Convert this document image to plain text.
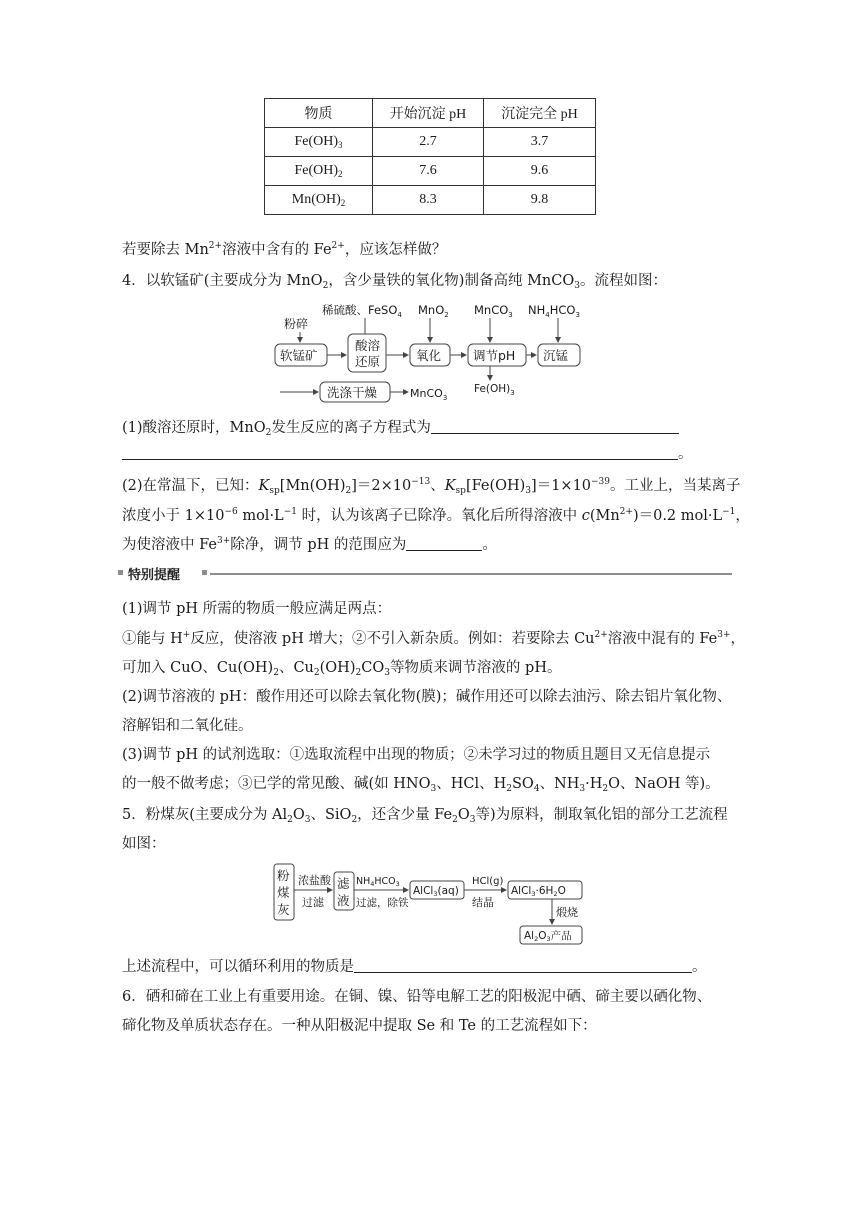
物质	开始沉淀 pH	沉淀完全 pH
$Fe(OH)_3$	2.7	3.7
$Fe(OH)_2$	7.6	9.6
$Mn(OH)_2$	8.3	9.8
若要除去 $Mn^{2+}$溶液中含有的 $Fe^{2+}$，应该怎样做？
4．以软锰矿(主要成分为 MnO$_2$，含少量铁的氧化物)制备高纯 MnCO$_3$。流程如图：
稀硫酸、FeSO$_4$ MnO$_2$ MnCO$_3$ $NH_4HCO_3$
粉碎
软锰矿
酸溶
还原	氧化	调节pH 沉锰
$Fe(OH)_3$
洗涤干燥	MnCO$_3$
(1)酸溶还原时，MnO$_2$发生反应的离子方程式为
。
(2)在常温下，已知：$K_{sp}[Mn(OH)_2]=2\times 10^{-13}$、$K_{sp}[Fe(OH)_3]=1\times 10^{-39}$。工业上，当某离子
浓度小于 $1\times 10^{-6}$ $mol\cdot L^{-1}$ 时，认为该离子已除净。氧化后所得溶液中 $c(Mn^{2+})=0.2$ $mol\cdot L^{-1}$，
为使溶液中 $Fe^{3+}$除净，调节 pH 的范围应为	。
特别提醒
(1)调节 pH 所需的物质一般应满足两点：
①能与 H+反应，使溶液 pH 增大；②不引入新杂质。例如：若要除去 $Cu^{2+}$溶液中混有的 $Fe^{3+}$，
可加入 CuO、$Cu(OH)_2$、$Cu_2(OH)_2CO_3$等物质来调节溶液的 pH。
(2)调节溶液的 pH：酸作用还可以除去氧化物(膜)；碱作用还可以除去油污、除去铝片氧化物、
溶解铝和二氧化硅。
(3)调节 pH 的试剂选取：①选取流程中出现的物质；②未学习过的物质且题目又无信息提示
的一般不做考虑；③已学的常见酸、碱(如 $HNO_3$、HCl、$H_2SO_4$、$NH_3\cdot H_2O$、NaOH 等)。
5．粉煤灰(主要成分为 $Al_2O_3$、SiO$_2$，还含少量 $Fe_2O_3$等)为原料，制取氧化铝的部分工艺流程
如图：
粉
煤
灰
浓盐酸
过滤
滤
液
$NH_4HCO_3$
过滤，除铁
AlCl3(aq)
HCl(g)
结晶
AlCl3·6H2O
煅烧
Al2O3产品
上述流程中，可以循环利用的物质是	。
6．硒和碲在工业上有重要用途。在铜、镍、铅等电解工艺的阳极泥中硒、碲主要以硒化物、
碲化物及单质状态存在。一种从阳极泥中提取 Se 和 Te 的工艺流程如下：
